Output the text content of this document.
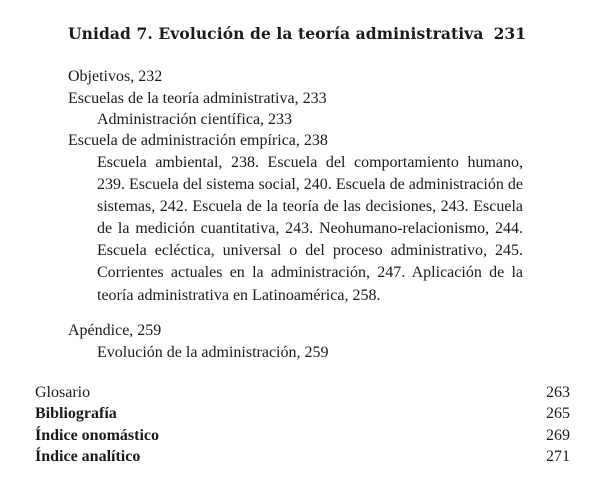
Unidad 7. Evolución de la teoría administrativa 231
Objetivos, 232
Escuelas de la teoría administrativa, 233
Administración científica, 233
Escuela de administración empírica, 238
Escuela ambiental, 238. Escuela del comportamiento humano, 239. Escuela del sistema social, 240. Escuela de administración de sistemas, 242. Escuela de la teoría de las decisiones, 243. Escuela de la medición cuantitativa, 243. Neohumano-relacionismo, 244. Escuela ecléctica, universal o del proceso administrativo, 245. Corrientes actuales en la administración, 247. Aplicación de la teoría administrativa en Latinoamérica, 258.
Apéndice, 259
Evolución de la administración, 259
Glosario	263
Bibliografía	265
Índice onomástico	269
Índice analítico	271
